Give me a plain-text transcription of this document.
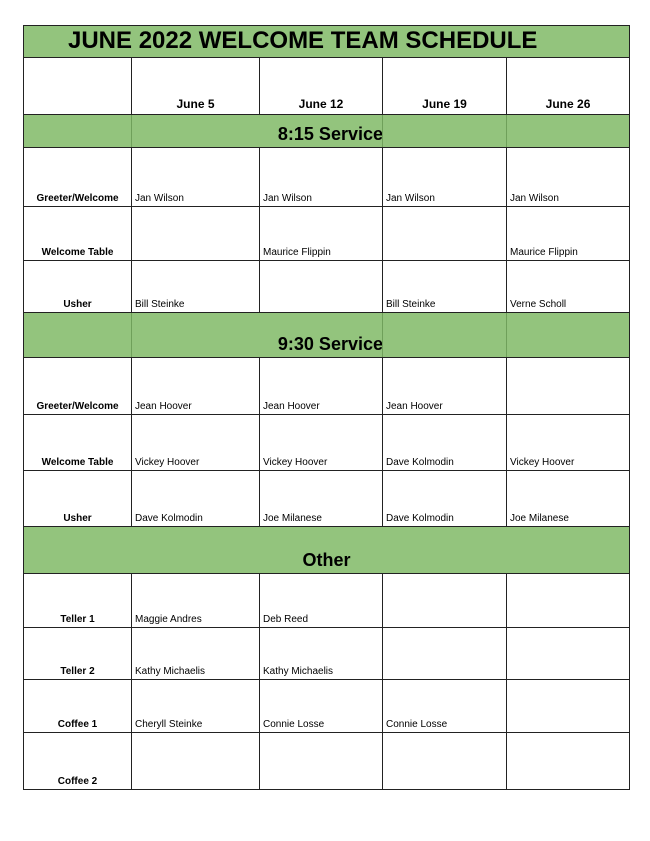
JUNE 2022 WELCOME TEAM SCHEDULE				
	June 5	June 12	June 19	June 26
	8:15 Service			
Greeter/Welcome	Jan Wilson	Jan Wilson	Jan Wilson	Jan Wilson
Welcome Table		Maurice Flippin		Maurice Flippin
Usher	Bill Steinke		Bill Steinke	Verne Scholl
	9:30 Service			
Greeter/Welcome	Jean Hoover	Jean Hoover	Jean Hoover	
Welcome Table	Vickey Hoover	Vickey Hoover	Dave Kolmodin	Vickey Hoover
Usher	Dave Kolmodin	Joe Milanese	Dave Kolmodin	Joe Milanese
Other				
Teller 1	Maggie Andres	Deb Reed		
Teller 2	Kathy Michaelis	Kathy Michaelis		
Coffee 1	Cheryll Steinke	Connie Losse	Connie Losse	
Coffee 2				
